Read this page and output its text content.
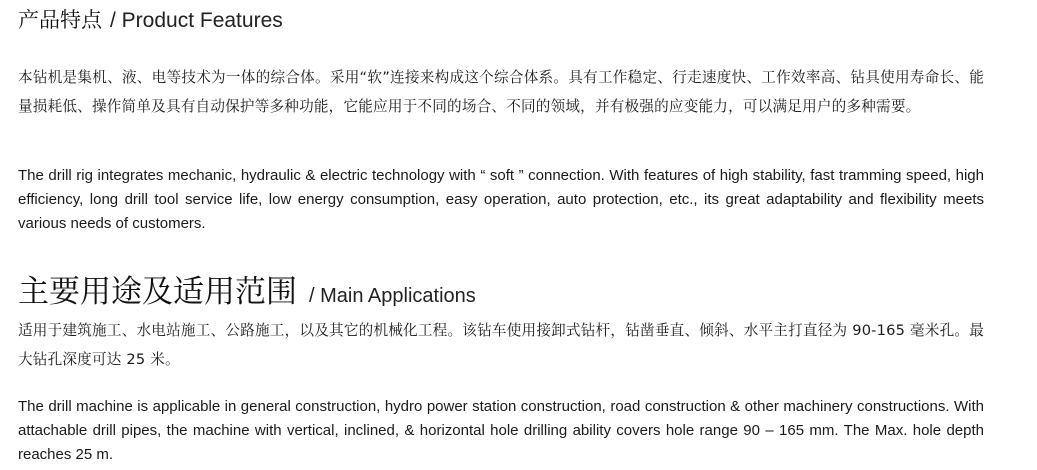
产品特点 / Product Features

本钻机是集机、液、电等技术为一体的综合体。采用“软”连接来构成这个综合体系。具有工作稳定、行走速度快、工作效率高、钻具使用寿命长、能量损耗低、操作简单及具有自动保护等多种功能，它能应用于不同的场合、不同的领域，并有极强的应变能力，可以满足用户的多种需要。

The drill rig integrates mechanic, hydraulic & electric technology with “ soft ” connection. With features of high stability, fast tramming speed, high efficiency, long drill tool service life, low energy consumption, easy operation, auto protection, etc., its great adaptability and flexibility meets various needs of customers.

主要用途及适用范围 / Main Applications

适用于建筑施工、水电站施工、公路施工，以及其它的机械化工程。该钻车使用接卸式钻杆，钻凿垂直、倾斜、水平主打直径为 90-165 毫米孔。最大钻孔深度可达 25 米。

The drill machine is applicable in general construction, hydro power station construction, road construction & other machinery constructions. With attachable drill pipes, the machine with vertical, inclined, & horizontal hole drilling ability covers hole range 90 – 165 mm. The Max. hole depth reaches 25 m.
